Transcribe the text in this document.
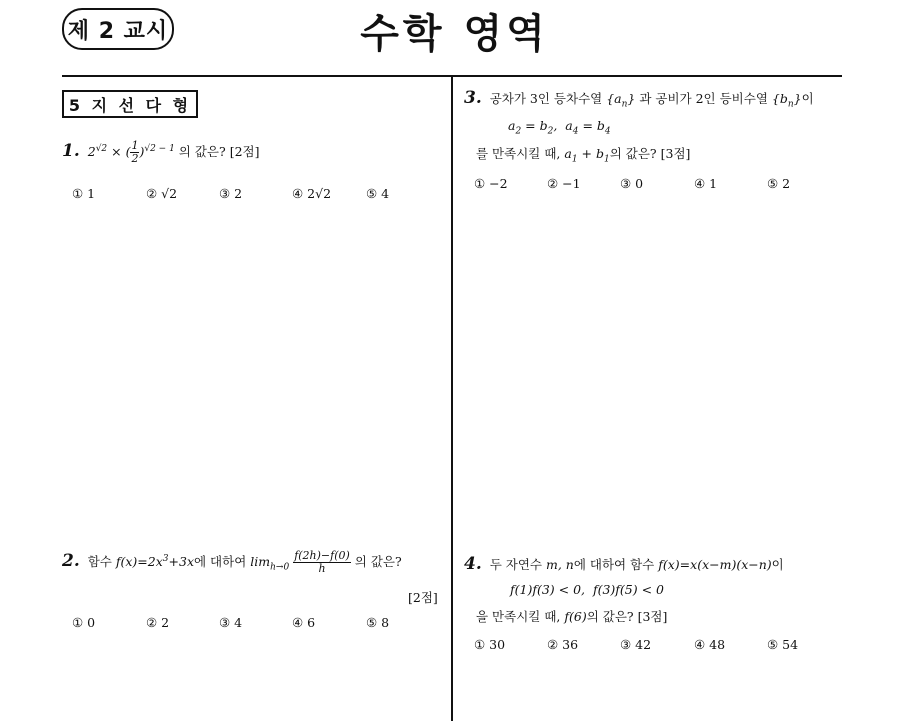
제 2 교시	수학 영역
5 지 선 다 형
1. $2^{√2}$ × ( $\frac{1}{2} )^{√2 - 1}$ 의 값은? [2점]
① 1	② √2	③ 2	④ 2√2	⑤ 4
2. 함수 $f(x)=2x^3+3x$에 대하여 $\lim_{h\to 0} \frac{f(2h)-f(0)}{h}$ 의 값은?
[2점]
① 0	② 2	③ 4	④ 6	⑤ 8
3. 공차가 3인 등차수열 $\{a_n\}$ 과 공비가 2인 등비수열 $\{b_n\}$이
$a_2 = b_2$,  $a_4 = b_4$
를 만족시킬 때, $a_1 + b_1$의 값은? [3점]
① −2	② −1	③ 0	④ 1	⑤ 2
4. 두 자연수 m, n에 대하여 함수 f(x)=x(x−m)(x−n)이
f(1)f(3) < 0,  f(3)f(5) < 0
을 만족시킬 때, f(6)의 값은? [3점]
① 30	② 36	③ 42	④ 48	⑤ 54
